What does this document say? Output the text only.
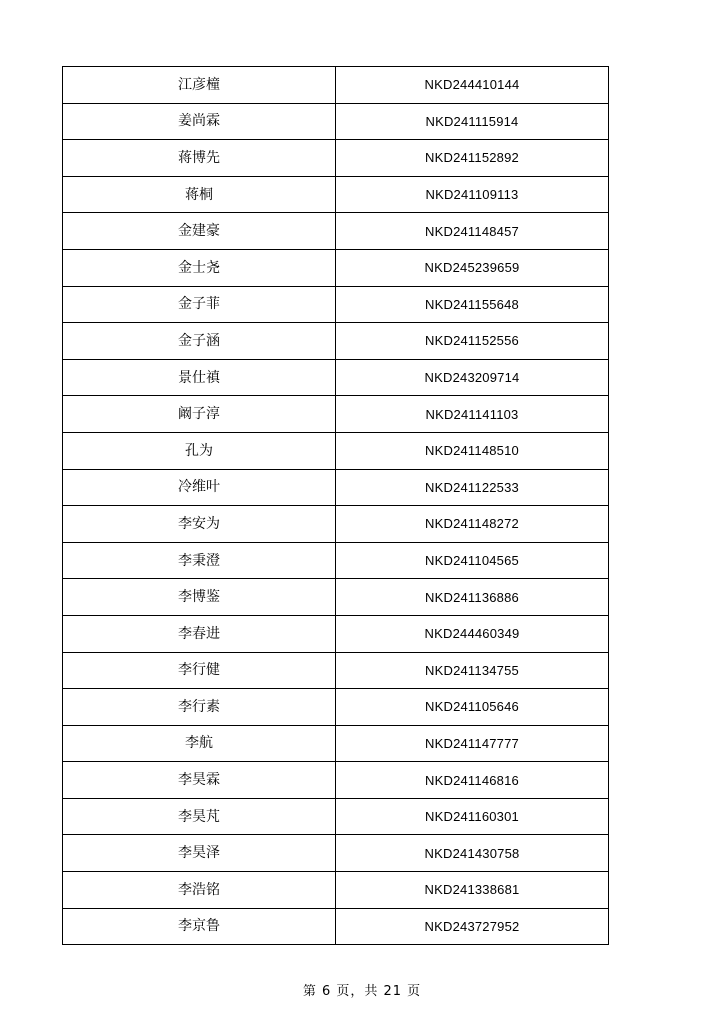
江彦橦	NKD244410144
姜尚霖	NKD241115914
蒋博先	NKD241152892
蒋桐	NKD241109113
金建豪	NKD241148457
金士尧	NKD245239659
金子菲	NKD241155648
金子涵	NKD241152556
景仕禛	NKD243209714
阚子淳	NKD241141103
孔为	NKD241148510
冷维叶	NKD241122533
李安为	NKD241148272
李秉澄	NKD241104565
李博鉴	NKD241136886
李春进	NKD244460349
李行健	NKD241134755
李行素	NKD241105646
李航	NKD241147777
李昊霖	NKD241146816
李昊芃	NKD241160301
李昊泽	NKD241430758
李浩铭	NKD241338681
李京鲁	NKD243727952
第 6 页，共 21 页
